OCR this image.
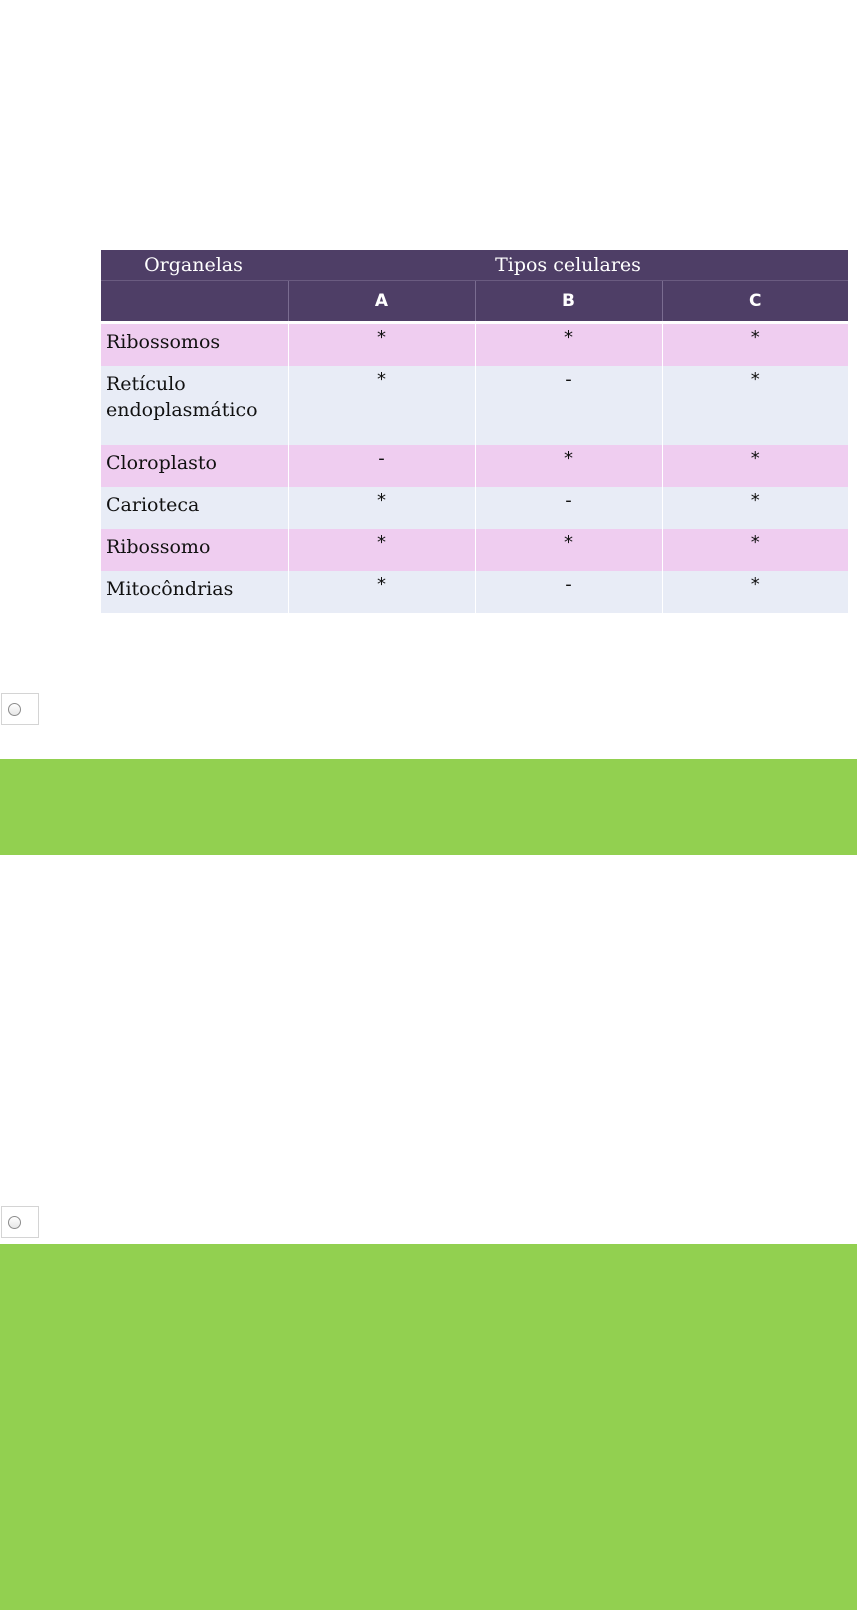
Organelas	Tipos celulares		
	A	B	C
Ribossomos	*	*	*
Retículo
endoplasmático	*	-	*
Cloroplasto	-	*	*
Carioteca	*	-	*
Ribossomo	*	*	*
Mitocôndrias	*	-	*
